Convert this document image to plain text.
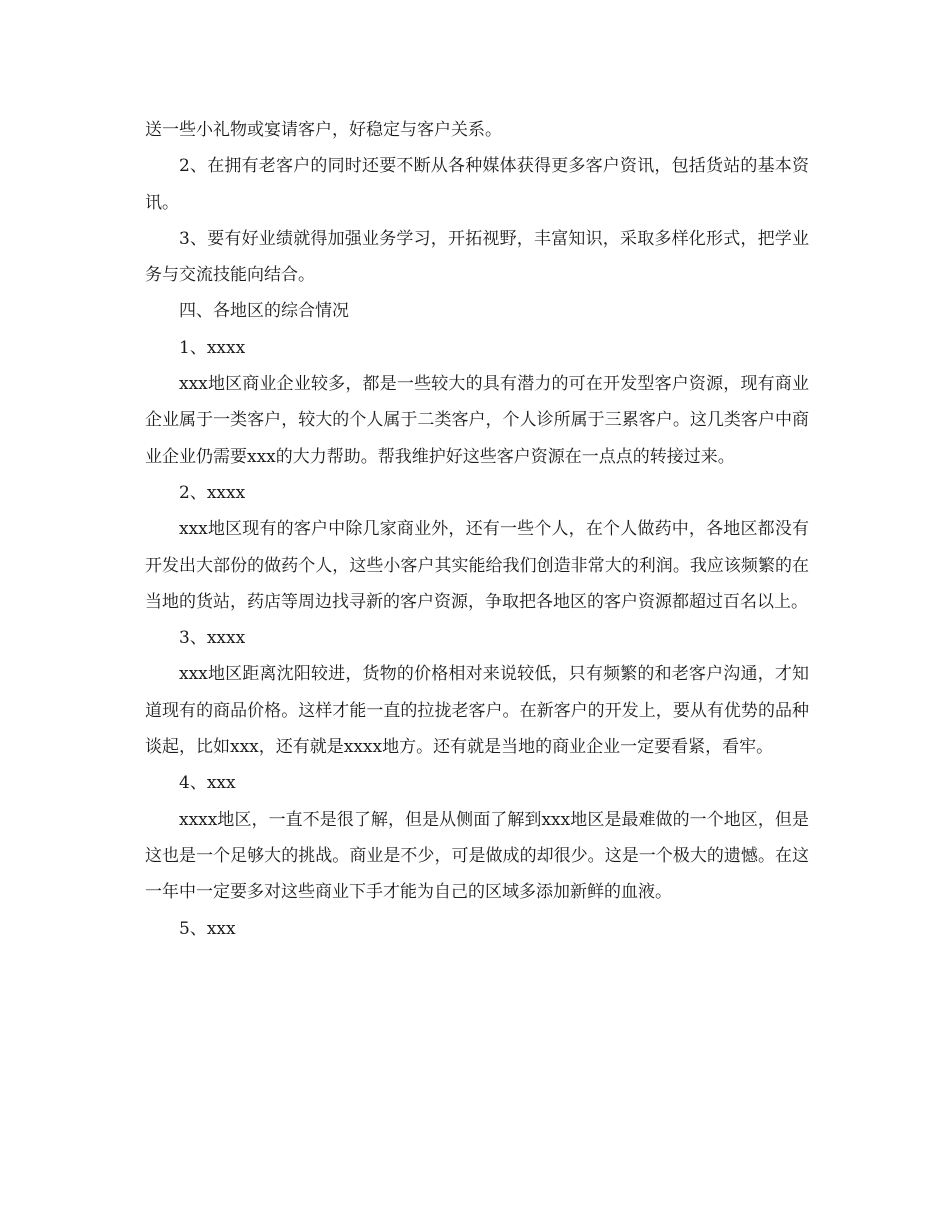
送一些小礼物或宴请客户，好稳定与客户关系。

2、在拥有老客户的同时还要不断从各种媒体获得更多客户资讯，包括货站的基本资讯。

3、要有好业绩就得加强业务学习，开拓视野，丰富知识，采取多样化形式，把学业务与交流技能向结合。

四、各地区的综合情况

1、xxxx

xxx地区商业企业较多，都是一些较大的具有潜力的可在开发型客户资源，现有商业企业属于一类客户，较大的个人属于二类客户，个人诊所属于三累客户。这几类客户中商业企业仍需要xxx的大力帮助。帮我维护好这些客户资源在一点点的转接过来。

2、xxxx

xxx地区现有的客户中除几家商业外，还有一些个人，在个人做药中，各地区都没有开发出大部份的做药个人，这些小客户其实能给我们创造非常大的利润。我应该频繁的在当地的货站，药店等周边找寻新的客户资源，争取把各地区的客户资源都超过百名以上。

3、xxxx

xxx地区距离沈阳较进，货物的价格相对来说较低，只有频繁的和老客户沟通，才知道现有的商品价格。这样才能一直的拉拢老客户。在新客户的开发上，要从有优势的品种谈起，比如xxx，还有就是xxxx地方。还有就是当地的商业企业一定要看紧，看牢。

4、xxx

xxxx地区，一直不是很了解，但是从侧面了解到xxx地区是最难做的一个地区，但是这也是一个足够大的挑战。商业是不少，可是做成的却很少。这是一个极大的遗憾。在这一年中一定要多对这些商业下手才能为自己的区域多添加新鲜的血液。

5、xxx
